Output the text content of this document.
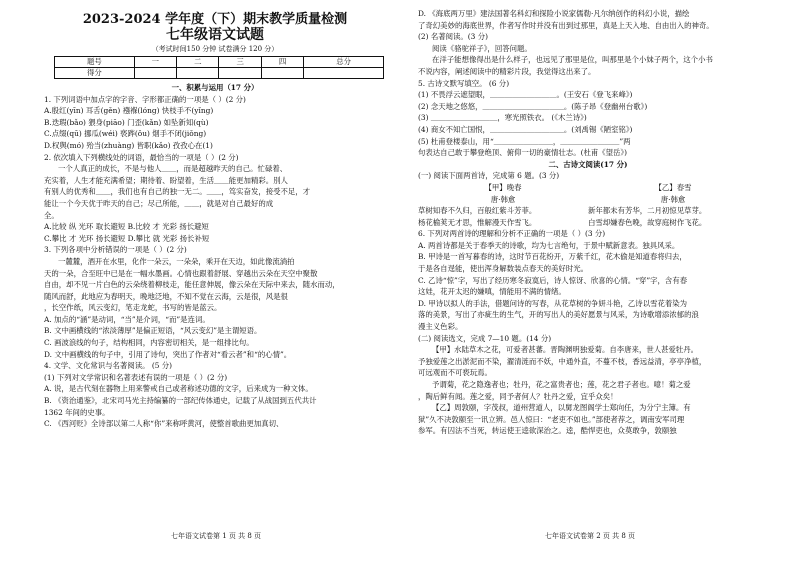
2023-2024 学年度（下）期末教学质量检测

七年级语文试题

（考试时间150 分钟 试卷满分 120 分）

题号	一	二	三	四	总分
得分					

一、积累与运用（17 分）

1. 下列词语中加点字的字音、字形都正确的一项是（ ）(2 分)

A.殷红(yīn) 耳舌(gěn) 襁褓(lóng) 快枝手不(yǐng)

B.迭瑕(bǎo) 猥身(piāo) 门歪(kǎn) 如坠新知(qù)

C.点缀(qū) 挪瓜(wéi) 亵跸(ǒu) 烟手不闭(jiǒng)

D.权舆(mó) 殆当(zhuàng) 皆职(kǎo) 孜孜心在(1)

2. 依次填入下列横线处的词语，最恰当的一项是（ ）(2 分)

一个人真正的成长，不是与他人＿＿，而是超越昨天的自己。忙碌着、

充实着，人生才能充满希望；期待着、盼望着，生活＿＿能更加精彩。別人

有别人的优秀和＿＿，我们也有自己的独一无二。＿＿，笃实奋发，接受不足，才

能让一个今天优于昨天的自己；尽己所能，＿＿，就是对自己最好的成

全。

A.比较 纵 光环 取长避短 B.比较 才 光彩 扬长避短

C.攀比 才 光环 扬长避短 D.攀比 就 光彩 扬长补短

3. 下列各项中分析错误的一项是（ ）(2 分)

一麓麓，酒开在水里，化作一朵云，一朵朵，乘开在天边，如此像流淌拍

天的一朵，合至旺中已是在一幅水墨画。心情也跟着舒展、穿越出云朵在天空中聚散

自由，却不见一片白色的云朵绕着柳枝走，能任意伸展，像云朵在天际中来去，随水而动，

随风而舒，此地应为春明天，晚地泛地，不知不觉在云海，云是很，风是很

，长空作纸，风云变幻，笔走龙蛇，书写的皆是蓝云。

A. 加点的“涵”是动词，“当”是介词，“而”是连词。

B. 文中画横线的“浓淡薄厚”是偏正短语，“风云变幻”是主谓短语。

C. 画波浪线的句子，结构相同，内容密切相关，是一组排比句。

D. 文中画横线的句子中，引用了诗句，突出了作者对“看云者”和“的心情”。

4. 文学、文化常识与名著阅读。 (5 分)

(1) 下列对文学常识和名著表述有误的一项是（ ）(2 分)

A. 说，是古代刻在器物上用来警戒自己或者称述功德的文字，后来成为一种文体。

B. 《资治通鉴》，北宋司马光主持编纂的一部纪传体通史，记载了从战国到五代共计

1362 年间的史事。

C. 《西河贬》全诗部以第二人称“你”来称呼黄河，使整首歌曲更加真切、

D. 《海底两万里》建法国著名科幻和探险小说家儒勒·凡尔纳创作的科幻小说，描绘

了奇幻美妙的海底世界，作者写作时并没有出到过那里，真是上天入地、自由出入的神奇。

(2) 名著阅读。(3 分)

阅读《骆驼祥子》，回答问题。

在洋子能想像得出是什么样子，也远见了那里是位，叫那里是个小妹子两个，这个小书

不说内容，阐述阅读中的精彩片段，我觉得这出来了。

5. 古诗文默写填空。 (6 分)

(1) 不畏浮云遮望眼，＿＿＿＿＿＿＿＿＿。(王安石《登飞来峰》)

(2) 念天地之悠悠，＿＿＿＿＿＿＿＿＿＿＿。(陈子昂《登幽州台歌》)

(3) ＿＿＿＿＿＿＿＿＿，寒光照铁衣。 (《木兰诗》)

(4) 商女不知亡国恨，＿＿＿＿＿＿＿＿＿＿。(刘禹锡《陋室铭》)

(5) 杜甫登楼泰山，用“＿＿＿＿＿＿＿＿，＿＿＿＿＿＿＿＿”两

句表达自己敢于攀登绝顶、俯仰一切的豪情壮志。(杜甫《望岳》)

二、古诗文阅读(17 分)

(一) 阅读下面两首诗，完成第 6 题。(3 分)

【甲】晚春

唐·韩愈

草树知春不久归，百般红紫斗芳菲。

杨花榆荚无才思，惟解漫天作雪飞。

【乙】春雪

唐·韩愈

新年都未有芳华，二月初惊见草芽。

白雪却嫌春色晚，故穿庭树作飞花。

6. 下列对两首诗的理解和分析不正确的一项是（ ）(3 分)

A. 两首诗都是关于春季天的诗歌，均为七言绝句，于景中赋新意表。独具风采。

B. 甲诗是一首写暮春的诗，这时节百花纷开，万紫千红，花木偷是知道春将归去，

于是各自逞能，使出浑身解数装点春天的美好时光。

C. 乙诗“惊”字，写出了经历寒冬寂寞后，诗人惊讶、欣喜的心情。“穿”字，含有春

这娃，花开太迟的嫌嗔，情能用不满的情绪。

D. 甲诗以拟人的手法，借题问诗的写春，从花草树的争妍斗艳，乙诗以雪花着染为

落的美景，写出了亦疵生的生气，开的写出人的美好愿景与风采，为诗歌增添浓郁的浪

漫主义色彩。

(二) 阅读选文，完成 7—10 题。(14 分)

【甲】水陆草木之花，可爱者甚蕃。晋陶渊明独爱菊。自李唐来，世人甚爱牡丹。

予独爱莲之出淤泥而不染，濯清涟而不妖，中通外直，不蔓不枝，香远益清，亭亭净植，

可远观而不可亵玩焉。

予谓菊，花之隐逸者也；牡丹，花之富贵者也；莲，花之君子者也。噫！菊之爱

，陶后鲜有闻。莲之爱，同予者何人？牡丹之爱，宜乎众矣！

【乙】周敦颐，字茂叔，道州营道人，以舅龙图阁学士郑向任，为分宁主簿。有

狱”久不决敦颐至一讯立辨。邑人惊曰：“老吏不如也。”部使者荐之，调南安军司理

参军。有囚法不当死，转运使王逵欲深治之。逵，酷悍吏也，众莫敢争，敦颐独

七年语文试卷第 1 页 共 8 页	七年语文试卷第 2 页 共 8 页
